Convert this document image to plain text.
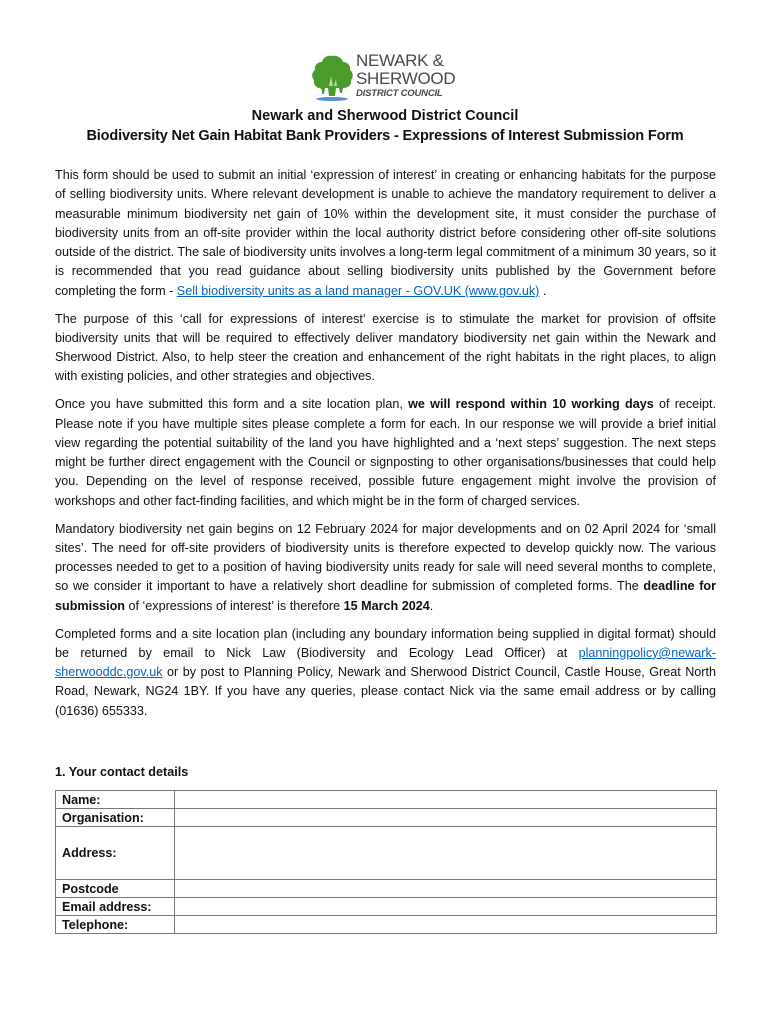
NEWARK &
SHERWOOD
DISTRICT COUNCIL
Newark and Sherwood District Council
Biodiversity Net Gain Habitat Bank Providers - Expressions of Interest Submission Form

This form should be used to submit an initial ‘expression of interest’ in creating or enhancing habitats for the purpose of selling biodiversity units. Where relevant development is unable to achieve the mandatory requirement to deliver a measurable minimum biodiversity net gain of 10% within the development site, it must consider the purchase of biodiversity units from an off-site provider within the local authority district before considering other off-site solutions outside of the district. The sale of biodiversity units involves a long-term legal commitment of a minimum 30 years, so it is recommended that you read guidance about selling biodiversity units published by the Government before completing the form - Sell biodiversity units as a land manager - GOV.UK (www.gov.uk) .

The purpose of this ‘call for expressions of interest’ exercise is to stimulate the market for provision of offsite biodiversity units that will be required to effectively deliver mandatory biodiversity net gain within the Newark and Sherwood District. Also, to help steer the creation and enhancement of the right habitats in the right places, to align with existing policies, and other strategies and objectives.

Once you have submitted this form and a site location plan, we will respond within 10 working days of receipt. Please note if you have multiple sites please complete a form for each. In our response we will provide a brief initial view regarding the potential suitability of the land you have highlighted and a ‘next steps’ suggestion. The next steps might be further direct engagement with the Council or signposting to other organisations/businesses that could help you. Depending on the level of response received, possible future engagement might involve the provision of workshops and other fact-finding facilities, and which might be in the form of charged services.

Mandatory biodiversity net gain begins on 12 February 2024 for major developments and on 02 April 2024 for ‘small sites’. The need for off-site providers of biodiversity units is therefore expected to develop quickly now. The various processes needed to get to a position of having biodiversity units ready for sale will need several months to complete, so we consider it important to have a relatively short deadline for submission of completed forms. The deadline for submission of ‘expressions of interest’ is therefore 15 March 2024.

Completed forms and a site location plan (including any boundary information being supplied in digital format) should be returned by email to Nick Law (Biodiversity and Ecology Lead Officer) at planningpolicy@newark-sherwooddc.gov.uk or by post to Planning Policy, Newark and Sherwood District Council, Castle House, Great North Road, Newark, NG24 1BY. If you have any queries, please contact Nick via the same email address or by calling (01636) 655333.

1. Your contact details
Name:	

Organisation:	

Address:	

Postcode	

Email address:	

Telephone:	
